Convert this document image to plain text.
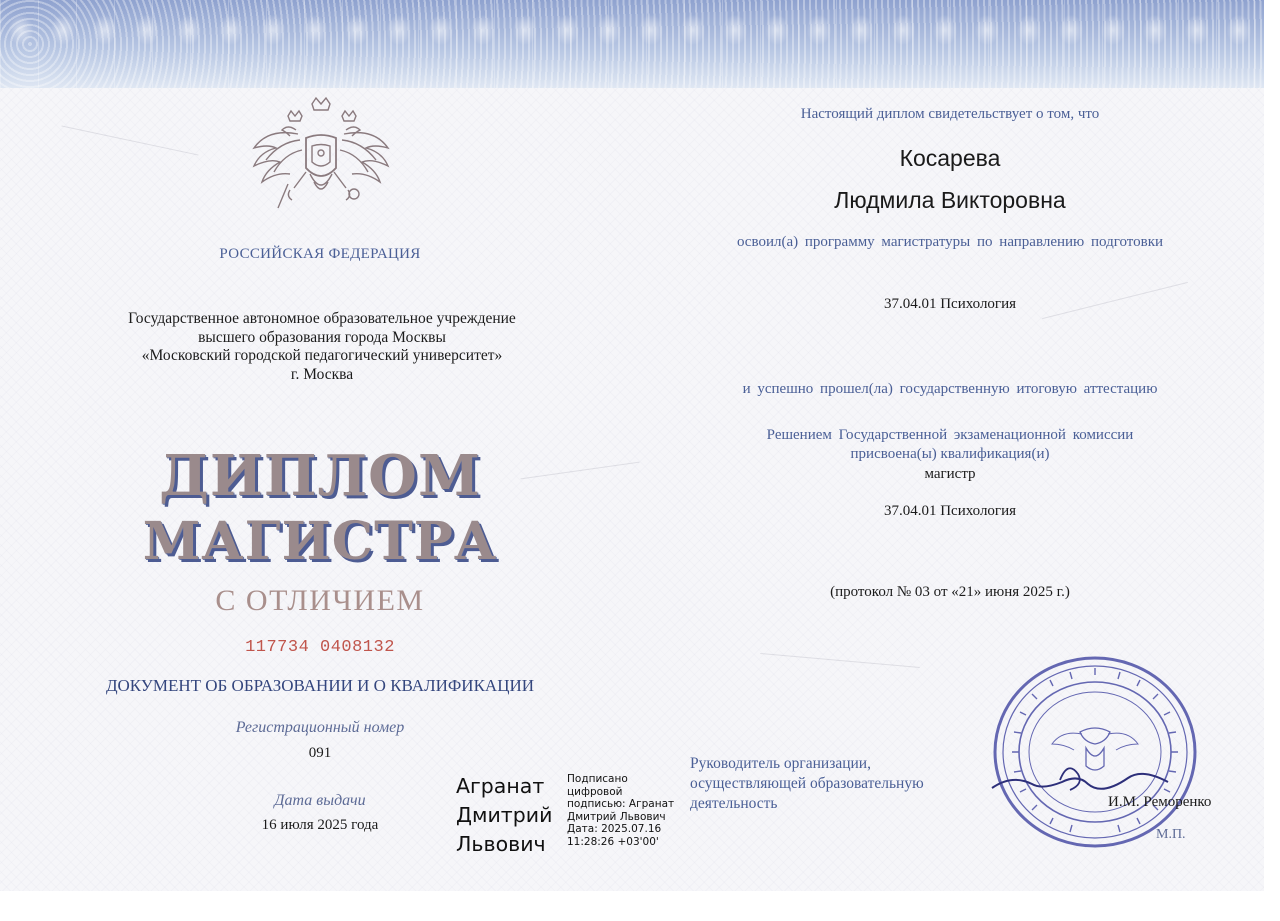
РОССИЙСКАЯ ФЕДЕРАЦИЯ

Государственное автономное образовательное учреждение
высшего образования города Москвы
«Московский городской педагогический университет»
г. Москва

ДИПЛОМ

МАГИСТРА

С ОТЛИЧИЕМ

117734 0408132

ДОКУМЕНТ ОБ ОБРАЗОВАНИИ И О КВАЛИФИКАЦИИ

Регистрационный номер

091

Дата выдачи

16 июля 2025 года

Агранат
Дмитрий
Львович
Подписано
цифровой
подписью: Агранат
Дмитрий Львович
Дата: 2025.07.16
11:28:26 +03'00'

Настоящий диплом свидетельствует о том, что

Косарева

Людмила Викторовна

освоил(а) программу магистратуры по направлению подготовки

37.04.01 Психология

и успешно прошел(ла) государственную итоговую аттестацию

Решением Государственной экзаменационной комиссии

присвоена(ы) квалификация(и)

магистр

37.04.01 Психология

(протокол № 03 от «21» июня 2025 г.)

Руководитель организации, осуществляющей образовательную деятельность	И.М. Реморенко

М.П.
